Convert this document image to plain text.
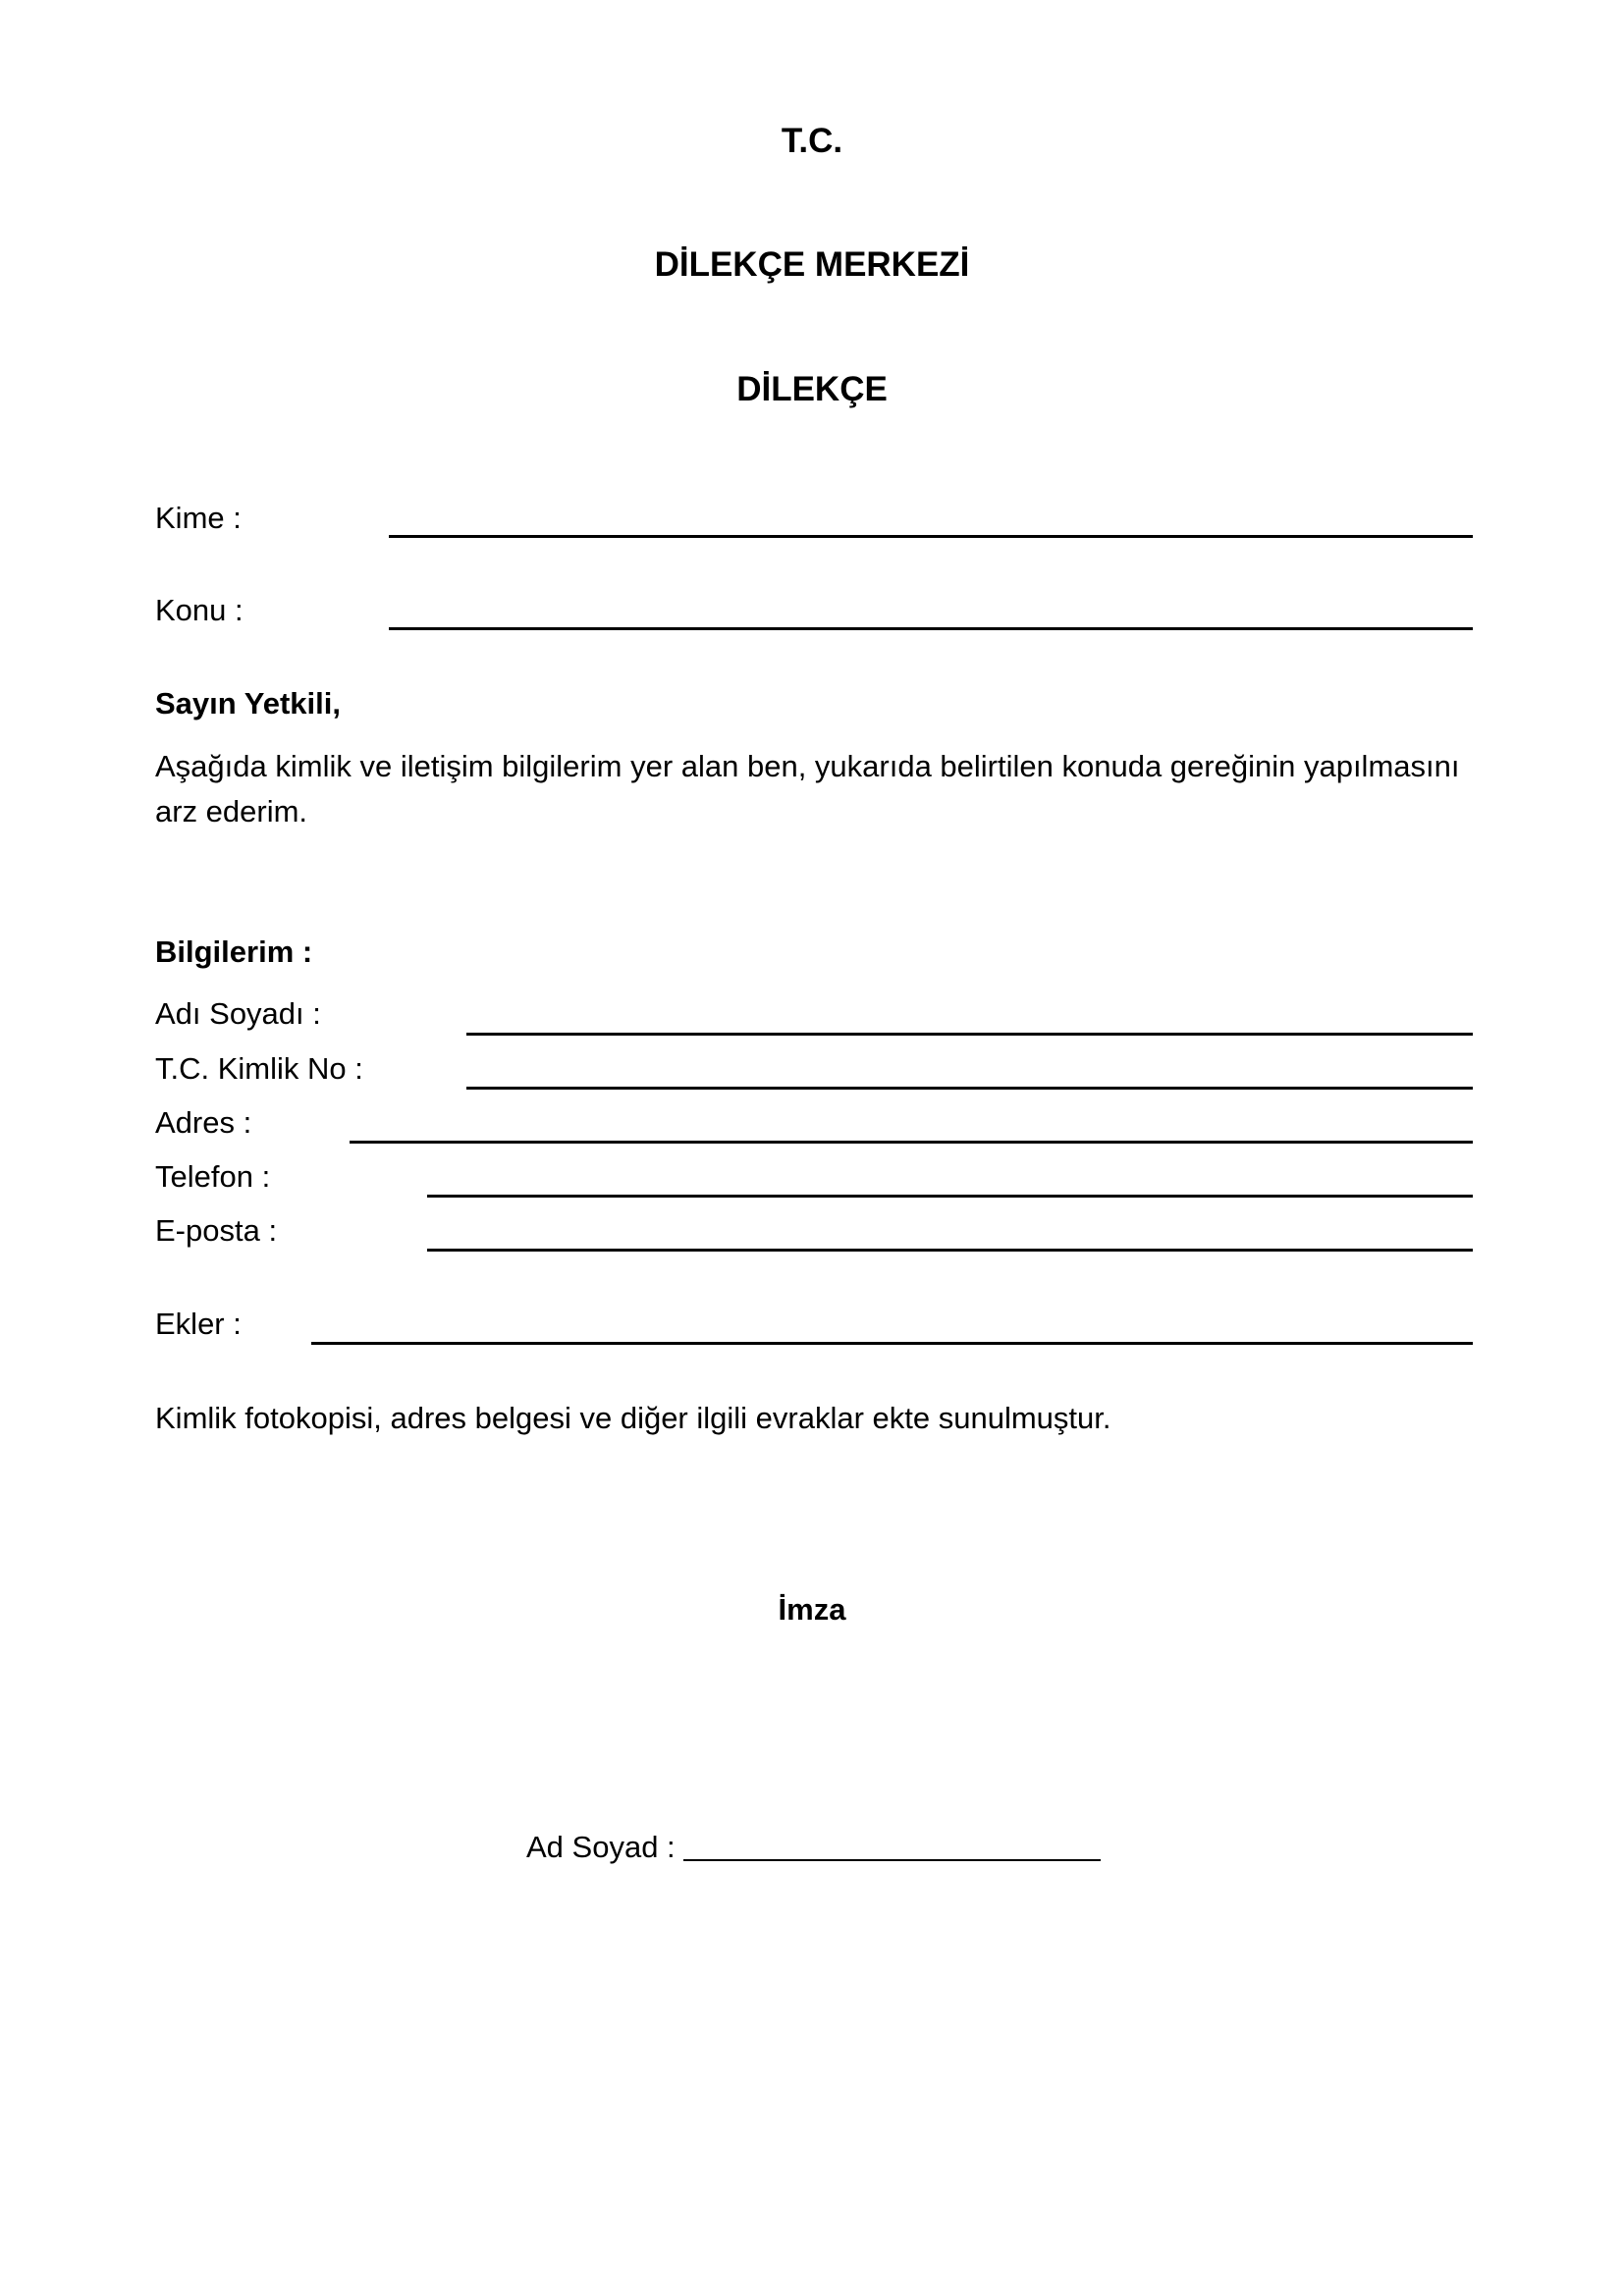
T.C.
DİLEKÇE MERKEZİ
DİLEKÇE
Kime :
Konu :
Sayın Yetkili,
Aşağıda kimlik ve iletişim bilgilerim yer alan ben, yukarıda belirtilen konuda gereğinin yapılmasını arz ederim.
Bilgilerim :
Adı Soyadı :
T.C. Kimlik No :
Adres :
Telefon :
E-posta :
Ekler :
Kimlik fotokopisi, adres belgesi ve diğer ilgili evraklar ekte sunulmuştur.
İmza
Ad Soyad :
